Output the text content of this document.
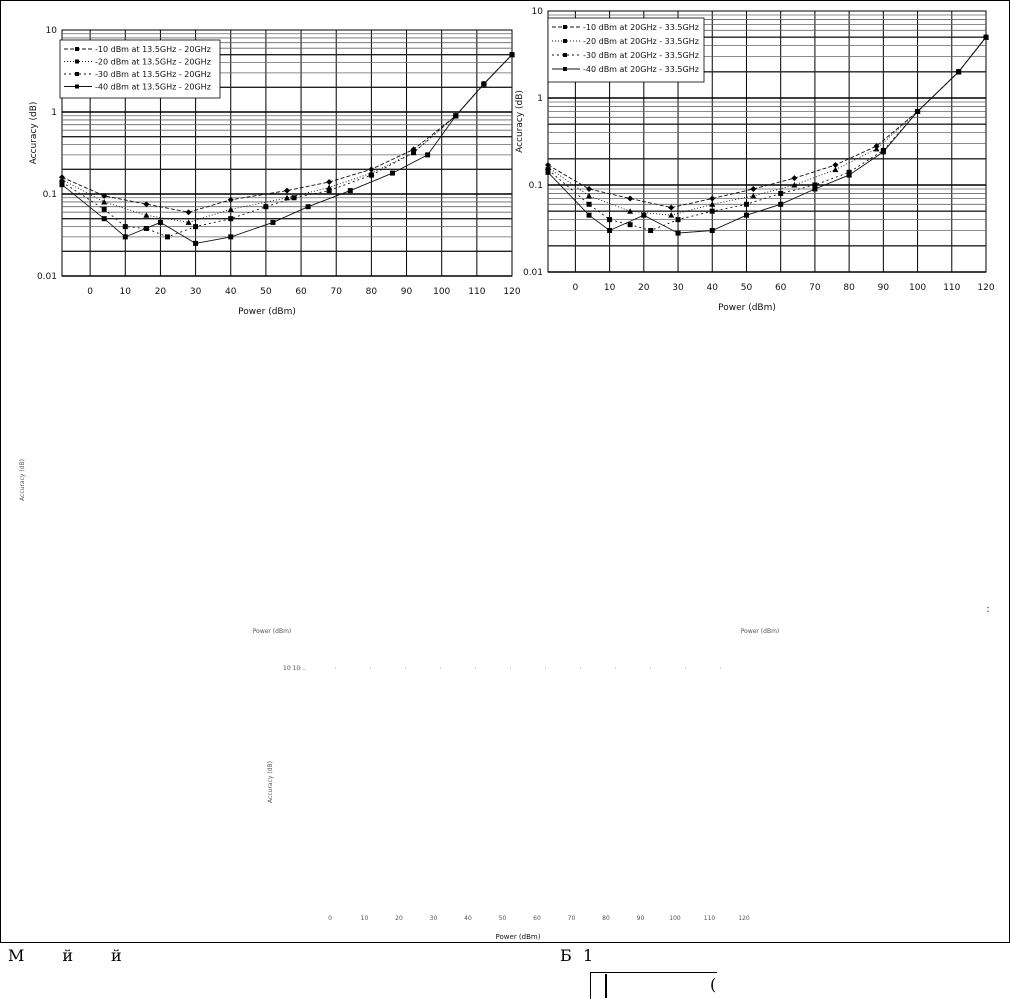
0	10	20	30	40	50	60	70	80	90 100 110 120
0.01
0.1
1
10
Power (dBm)
Accuracy (dB)
-10 dBm at 13.5GHz - 20GHz
-20 dBm at 13.5GHz - 20GHz
-30 dBm at 13.5GHz - 20GHz
-40 dBm at 13.5GHz - 20GHz
0	10	20	30	40	50	60	70	80	90 100 110 120
0.01
0.1
1
10
Power (dBm)
Accuracy (dB)
-10 dBm at 20GHz - 33.5GHz
-20 dBm at 20GHz - 33.5GHz
-30 dBm at 20GHz - 33.5GHz
-40 dBm at 20GHz - 33.5GHz
Accuracy (dB)
Power (dBm)	Power (dBm)
:
10 10 ..
Accuracy (dB)
0	10	20	30	40	50	60	70	80	90	100	110	120
Power (dBm)
Мйй	Б 1
(
